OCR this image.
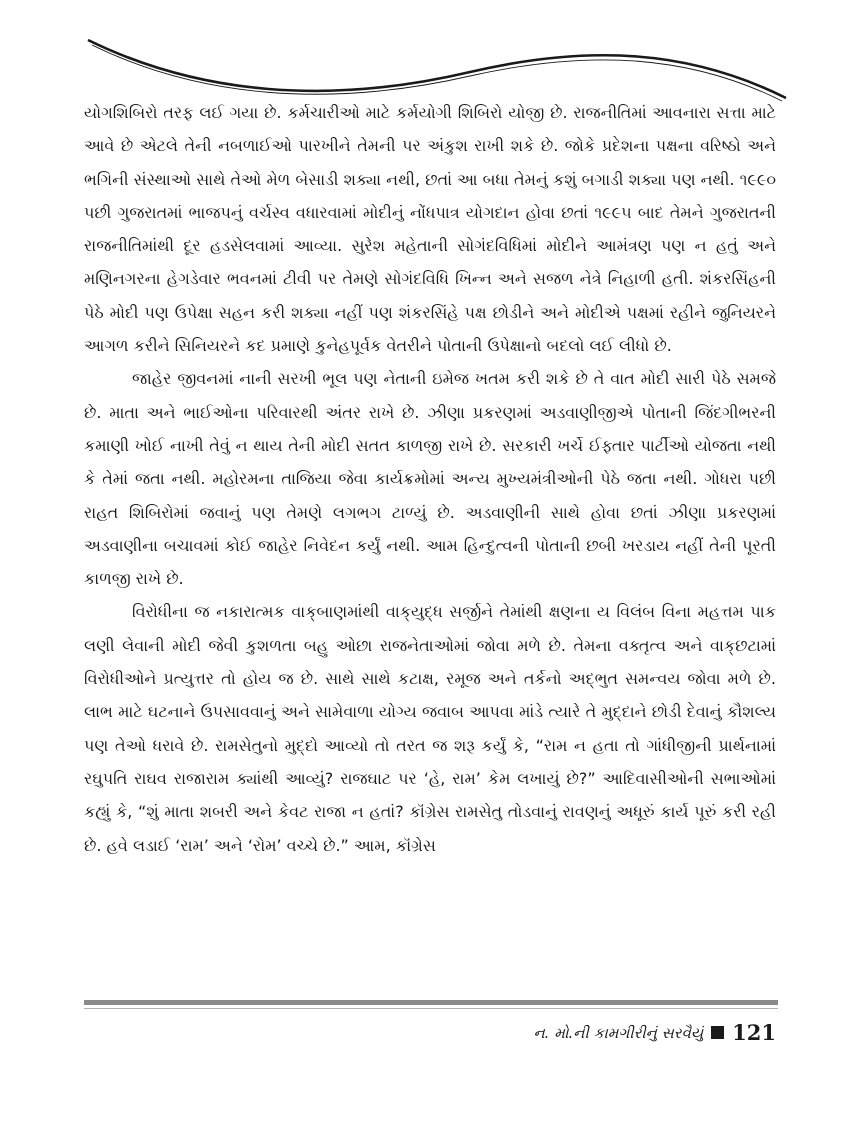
યોગશિબિરો તરફ લઈ ગયા છે. કર્મચારીઓ માટે કર્મયોગી શિબિરો યોજી છે. રાજનીતિમાં આવનારા સત્તા માટે આવે છે એટલે તેની નબળાઈઓ પારખીને તેમની પર અંકુશ રાખી શકે છે. જોકે પ્રદેશના પક્ષના વરિષ્ઠો અને ભગિની સંસ્થાઓ સાથે તેઓ મેળ બેસાડી શક્યા નથી, છતાં આ બધા તેમનું કશું બગાડી શક્યા પણ નથી. ૧૯૯૦ પછી ગુજરાતમાં ભાજપનું વર્ચસ્વ વધારવામાં મોદીનું નોંધપાત્ર યોગદાન હોવા છતાં ૧૯૯૫ બાદ તેમને ગુજરાતની રાજનીતિમાંથી દૂર હડસેલવામાં આવ્યા. સુરેશ મહેતાની સોગંદવિધિમાં મોદીને આમંત્રણ પણ ન હતું અને મણિનગરના હેગડેવાર ભવનમાં ટીવી પર તેમણે સોગંદવિધિ ખિન્ન અને સજળ નેત્રે નિહાળી હતી. શંકરસિંહની પેઠે મોદી પણ ઉપેક્ષા સહન કરી શક્યા નહીં પણ શંકરસિંહે પક્ષ છોડીને અને મોદીએ પક્ષમાં રહીને જુનિયરને આગળ કરીને સિનિયરને કદ પ્રમાણે કુનેહપૂર્વક વેતરીને પોતાની ઉપેક્ષાનો બદલો લઈ લીધો છે.

જાહેર જીવનમાં નાની સરખી ભૂલ પણ નેતાની ઇમેજ ખતમ કરી શકે છે તે વાત મોદી સારી પેઠે સમજે છે. માતા અને ભાઈઓના પરિવારથી અંતર રાખે છે. ઝીણા પ્રકરણમાં અડવાણીજીએ પોતાની જિંદગીભરની કમાણી ખોઈ નાખી તેવું ન થાય તેની મોદી સતત કાળજી રાખે છે. સરકારી ખર્ચે ઈફ્તાર પાર્ટીઓ યોજતા નથી કે તેમાં જતા નથી. મહોરમના તાજિયા જેવા કાર્યક્રમોમાં અન્ય મુખ્યમંત્રીઓની પેઠે જતા નથી. ગોધરા પછી રાહત શિબિરોમાં જવાનું પણ તેમણે લગભગ ટાળ્યું છે. અડવાણીની સાથે હોવા છતાં ઝીણા પ્રકરણમાં અડવાણીના બચાવમાં કોઈ જાહેર નિવેદન કર્યું નથી. આમ હિન્દુત્વની પોતાની છબી ખરડાય નહીં તેની પૂરતી કાળજી રાખે છે.

વિરોધીના જ નકારાત્મક વાક્‌બાણમાંથી વાક્‌યુદ્ધ સર્જીને તેમાંથી ક્ષણના ય વિલંબ વિના મહત્તમ પાક લણી લેવાની મોદી જેવી કુશળતા બહુ ઓછા રાજનેતાઓમાં જોવા મળે છે. તેમના વક્તૃત્વ અને વાક્‌છટામાં વિરોધીઓને પ્રત્યુત્તર તો હોય જ છે. સાથે સાથે કટાક્ષ, રમૂજ અને તર્કનો અદ્‌ભુત સમન્વય જોવા મળે છે. લાભ માટે ઘટનાને ઉપસાવવાનું અને સામેવાળા યોગ્ય જવાબ આપવા માંડે ત્યારે તે મુદ્દાને છોડી દેવાનું કૌશલ્ય પણ તેઓ ધરાવે છે. રામસેતુનો મુદ્દો આવ્યો તો તરત જ શરૂ કર્યું કે, “રામ ન હતા તો ગાંધીજીની પ્રાર્થનામાં રઘુપતિ રાઘવ રાજારામ ક્યાંથી આવ્યું? રાજઘાટ પર ‘હે, રામ’ કેમ લખાયું છે?” આદિવાસીઓની સભાઓમાં કહ્યું કે, “શું માતા શબરી અને કેવટ રાજા ન હતાં? કૉંગ્રેસ રામસેતુ તોડવાનું રાવણનું અધૂરું કાર્ય પૂરું કરી રહી છે. હવે લડાઈ ‘રામ’ અને ‘રોમ’ વચ્ચે છે.” આમ, કૉંગ્રેસ

ન. મો.ની કામગીરીનું સરવૈયું 121
